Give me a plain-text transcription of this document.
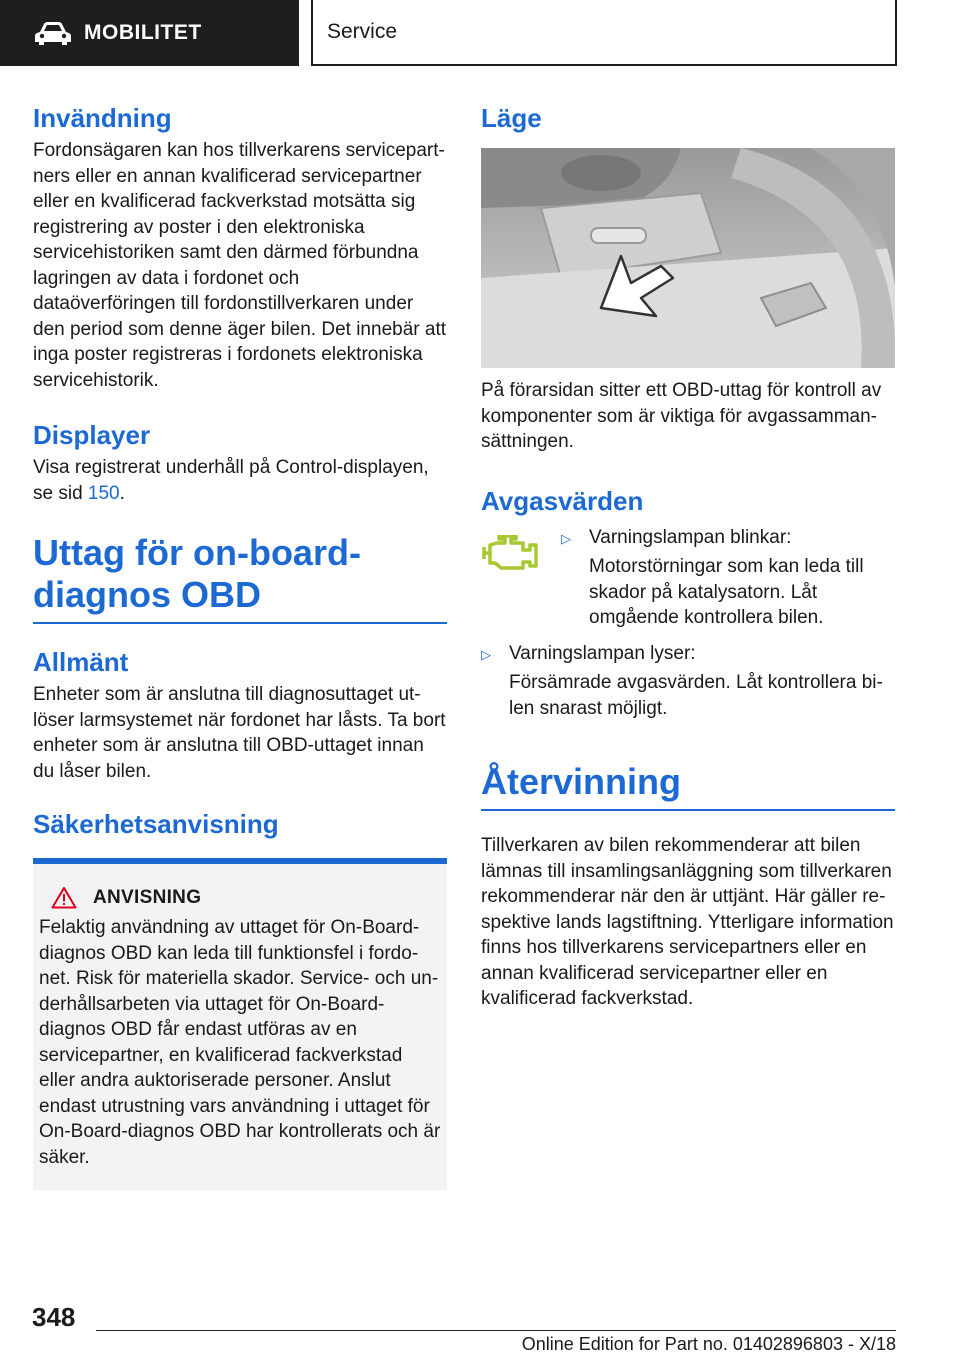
MOBILITET	Service
Invändning

Fordonsägaren kan hos tillverkarens servicepartners eller en annan kvalificerad servicepartner eller en kvalificerad fackverkstad motsätta sig registrering av poster i den elektroniska servicehistoriken samt den därmed förbundna lagringen av data i fordonet och dataöverföringen till fordonstillverkaren under den period som denne äger bilen. Det innebär att inga poster registreras i fordonets elektroniska servicehistorik.

Displayer

Visa registrerat underhåll på Control-displayen, se sid 150.

Uttag för on-board-diagnos OBD
Allmänt

Enheter som är anslutna till diagnosuttaget utlöser larmsystemet när fordonet har låsts. Ta bort enheter som är anslutna till OBD-uttaget innan du låser bilen.

Säkerhetsanvisning
ANVISNING

Felaktig användning av uttaget för On-Board-diagnos OBD kan leda till funktionsfel i fordonet. Risk för materiella skador. Service- och underhållsarbeten via uttaget för On-Board-diagnos OBD får endast utföras av en servicepartner, en kvalificerad fackverkstad eller andra auktoriserade personer. Anslut endast utrustning vars användning i uttaget för On-Board-diagnos OBD har kontrollerats och är säker.

Läge

På förarsidan sitter ett OBD-uttag för kontroll av komponenter som är viktiga för avgassammansättningen.

Avgasvärden
▷ Varningslampan blinkar:

Motorstörningar som kan leda till skador på katalysatorn. Låt omgående kontrollera bilen.

▷ Varningslampan lyser:

Försämrade avgasvärden. Låt kontrollera bilen snarast möjligt.

Återvinning

Tillverkaren av bilen rekommenderar att bilen lämnas till insamlingsanläggning som tillverkaren rekommenderar när den är uttjänt. Här gäller respektive lands lagstiftning. Ytterligare information finns hos tillverkarens servicepartners eller en annan kvalificerad servicepartner eller en kvalificerad fackverkstad.

348
Online Edition for Part no. 01402896803 - X/18
